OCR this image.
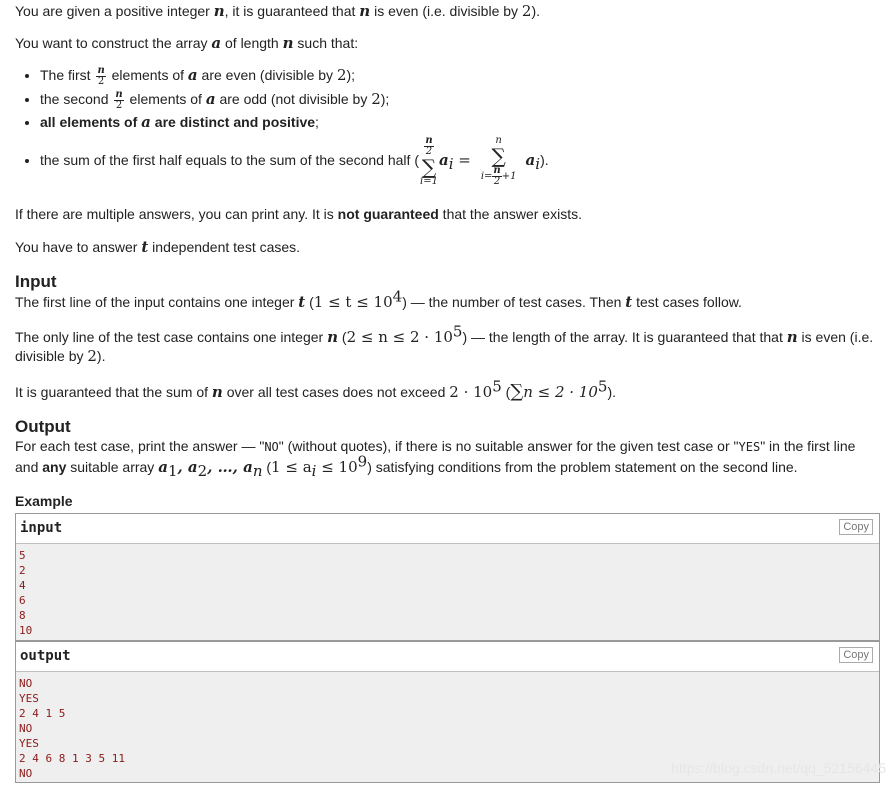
You are given a positive integer n, it is guaranteed that n is even (i.e. divisible by 2).

You want to construct the array a of length n such that:

• The first $\frac{n}{2}$ elements of a are even (divisible by 2);
• the second $\frac{n}{2}$ elements of a are odd (not divisible by 2);
• all elements of a are distinct and positive;
• the sum of the first half equals to the sum of the second half (
$\frac{n}{2}$
∑
i=1
$a_i$ =
n
∑
$i= \frac{n}{2} +1$
$a_i$).

If there are multiple answers, you can print any. It is not guaranteed that the answer exists.

You have to answer t independent test cases.

Input

The first line of the input contains one integer t $(1 \le t \le 10^4)$ — the number of test cases. Then t test cases follow.

The only line of the test case contains one integer n $(2 \le n \le 2 \cdot 10^5)$ — the length of the array. It is guaranteed that that n is even (i.e. divisible by 2).

It is guaranteed that the sum of n over all test cases does not exceed $2 \cdot 10^5$ $(\sum n \le 2 \cdot 10^5)$.

Output

For each test case, print the answer — "NO" (without quotes), if there is no suitable answer for the given test case or "YES" in the first line

and any suitable array $a_1$, $a_2$, …, $a_n$ $(1 \le a_i \le 10^9)$ satisfying conditions from the problem statement on the second line.

Example
input	Copy
5
2
4
6
8
10
output	Copy
NO
YES
2 4 1 5
NO
YES
2 4 6 8 1 3 5 11
NO	https://blog.csdn.net/qq_52156445
